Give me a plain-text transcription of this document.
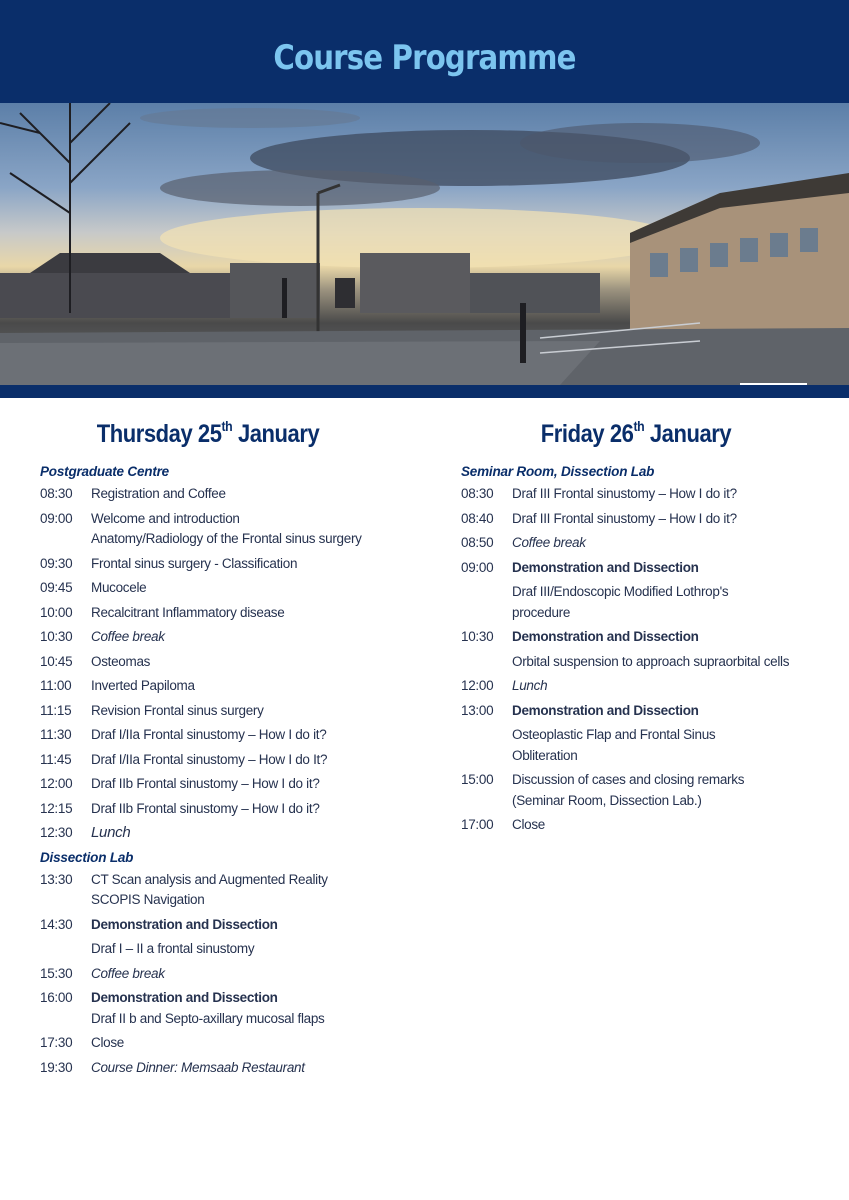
Course Programme
Thursday 25th January
Postgraduate Centre
08:30	Registration and Coffee
09:00	Welcome and introduction
Anatomy/Radiology of the Frontal sinus surgery
09:30	Frontal sinus surgery - Classification
09:45	Mucocele
10:00	Recalcitrant Inflammatory disease
10:30	Coffee break
10:45	Osteomas
11:00	Inverted Papiloma
11:15	Revision Frontal sinus surgery
11:30	Draf I/IIa Frontal sinustomy – How I do it?
11:45	Draf I/IIa Frontal sinustomy – How I do It?
12:00	Draf IIb Frontal sinustomy – How I do it?
12:15	Draf IIb Frontal sinustomy – How I do it?
12:30	Lunch
Dissection Lab
13:30	CT Scan analysis and Augmented Reality
SCOPIS Navigation
14:30	Demonstration and Dissection
Draf I – II a frontal sinustomy
15:30	Coffee break
16:00	Demonstration and Dissection
Draf II b and Septo-axillary mucosal flaps
17:30	Close
19:30	Course Dinner: Memsaab Restaurant
Friday 26th January
Seminar Room, Dissection Lab
08:30	Draf III Frontal sinustomy – How I do it?
08:40	Draf III Frontal sinustomy – How I do it?
08:50	Coffee break
09:00	Demonstration and Dissection
Draf III/Endoscopic Modified Lothrop's
procedure
10:30	Demonstration and Dissection
Orbital suspension to approach supraorbital cells
12:00	Lunch
13:00	Demonstration and Dissection
Osteoplastic Flap and Frontal Sinus
Obliteration
15:00	Discussion of cases and closing remarks
(Seminar Room, Dissection Lab.)
17:00	Close
